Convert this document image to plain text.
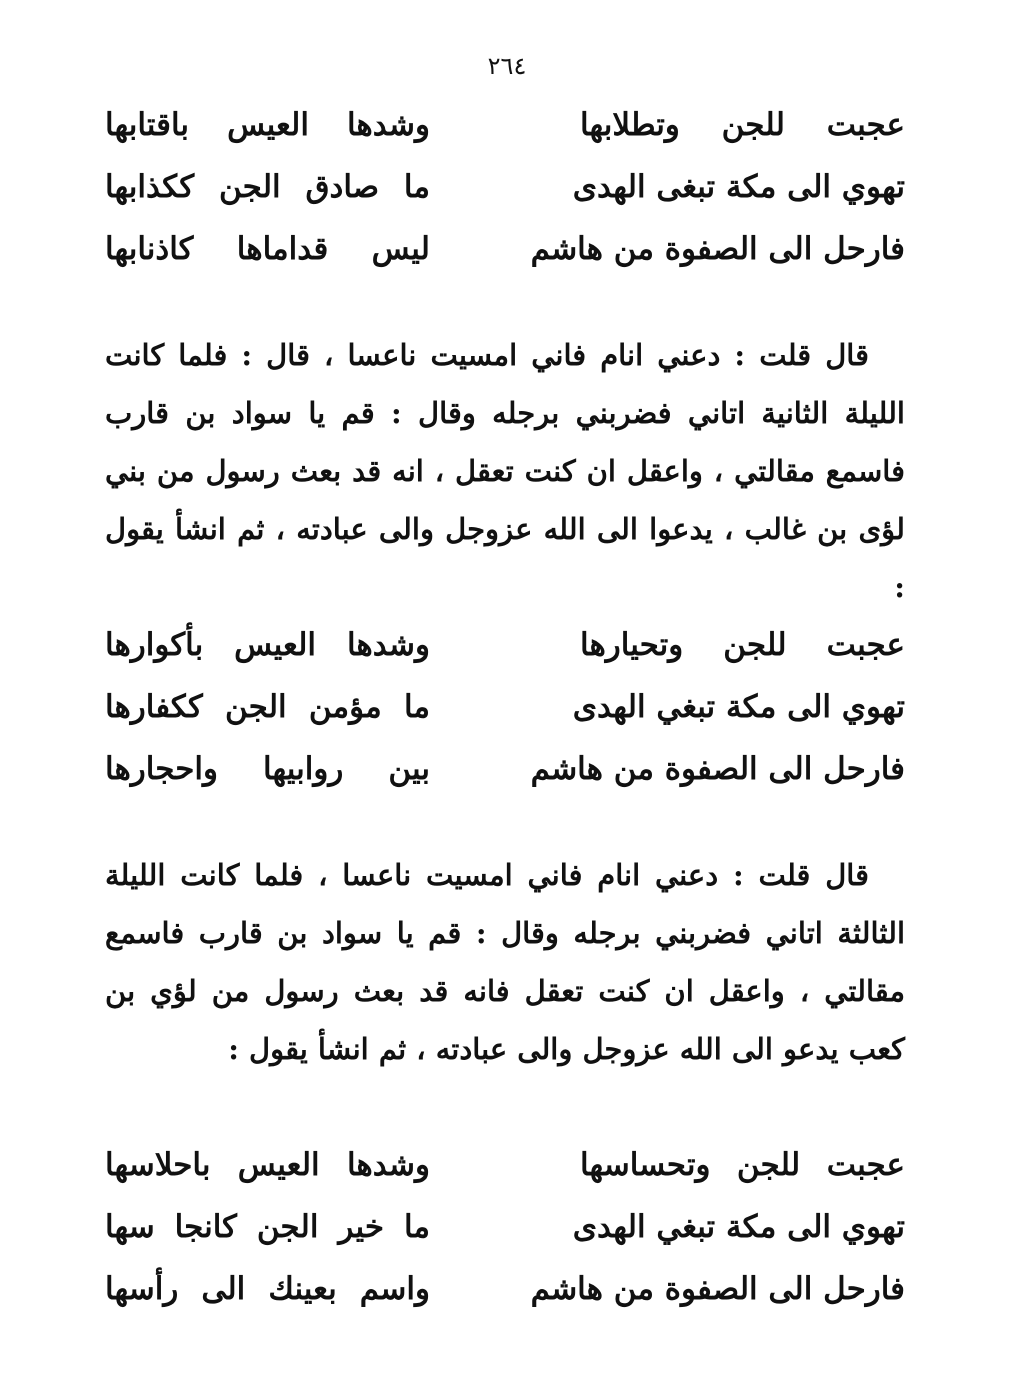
٢٦٤
عجبت للجن وتطلابها
وشدها العيس باقتابها
تهوي الى مكة تبغى الهدى
ما صادق الجن ككذابها
فارحل الى الصفوة من هاشم
ليس قداماها كاذنابها

قال قلت : دعني انام فاني امسيت ناعسا ، قال : فلما كانت الليلة الثانية اتاني فضربني برجله وقال : قم يا سواد بن قارب فاسمع مقالتي ، واعقل ان كنت تعقل ، انه قد بعث رسول من بني لؤى بن غالب ، يدعوا الى الله عزوجل والى عبادته ، ثم انشأ يقول :

عجبت للجن وتحيارها
وشدها العيس بأكوارها
تهوي الى مكة تبغي الهدى
ما مؤمن الجن ككفارها
فارحل الى الصفوة من هاشم
بين روابيها واحجارها

قال قلت : دعني انام فاني امسيت ناعسا ، فلما كانت الليلة الثالثة اتاني فضربني برجله وقال : قم يا سواد بن قارب فاسمع مقالتي ، واعقل ان كنت تعقل فانه قد بعث رسول من لؤي بن كعب يدعو الى الله عزوجل والى عبادته ، ثم انشأ يقول :

عجبت للجن وتحساسها
وشدها العيس باحلاسها
تهوي الى مكة تبغي الهدى
ما خير الجن كانجا سها
فارحل الى الصفوة من هاشم
واسم بعينك الى رأسها
